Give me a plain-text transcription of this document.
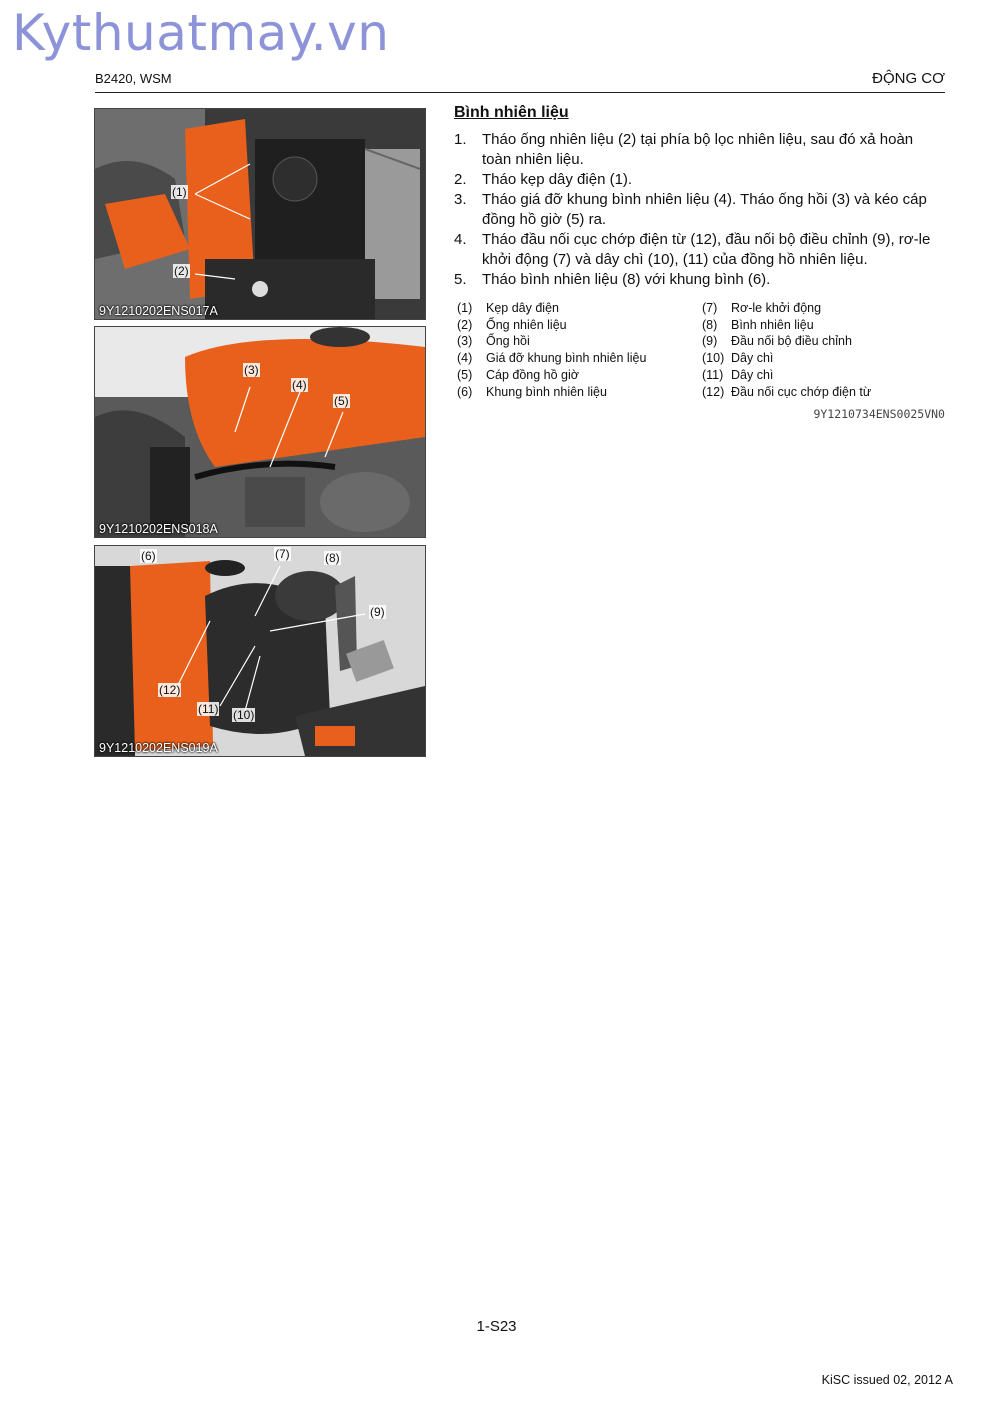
Kythuatmay.vn
B2420, WSM	ĐỘNG CƠ
(1)
(2)
9Y1210202ENS017A
(3)
(4)
(5)
9Y1210202ENS018A
(6)	(7)	(8)
(9)
(12)
(11) (10)
9Y1210202ENS019A
Bình nhiên liệu
1.	Tháo ống nhiên liệu (2) tại phía bộ lọc nhiên liệu, sau đó xả hoàn toàn nhiên liệu.
2.	Tháo kẹp dây điện (1).
3.	Tháo giá đỡ khung bình nhiên liệu (4). Tháo ống hồi (3) và kéo cáp đồng hồ giờ (5) ra.
4.	Tháo đầu nối cục chớp điện từ (12), đầu nối bộ điều chỉnh (9), rơ-le khởi động (7) và dây chì (10), (11) của đồng hồ nhiên liệu.
5.	Tháo bình nhiên liệu (8) với khung bình (6).
(1)	Kẹp dây điện
(2)	Ống nhiên liệu
(3)	Ống hồi
(4)	Giá đỡ khung bình nhiên liệu
(5)	Cáp đồng hồ giờ
(6)	Khung bình nhiên liệu
(7)	Rơ-le khởi động
(8)	Bình nhiên liệu
(9)	Đầu nối bộ điều chỉnh
(10) Dây chì
(11) Dây chì
(12) Đầu nối cục chớp điện từ
9Y1210734ENS0025VN0
1-S23
KiSC issued 02, 2012 A
